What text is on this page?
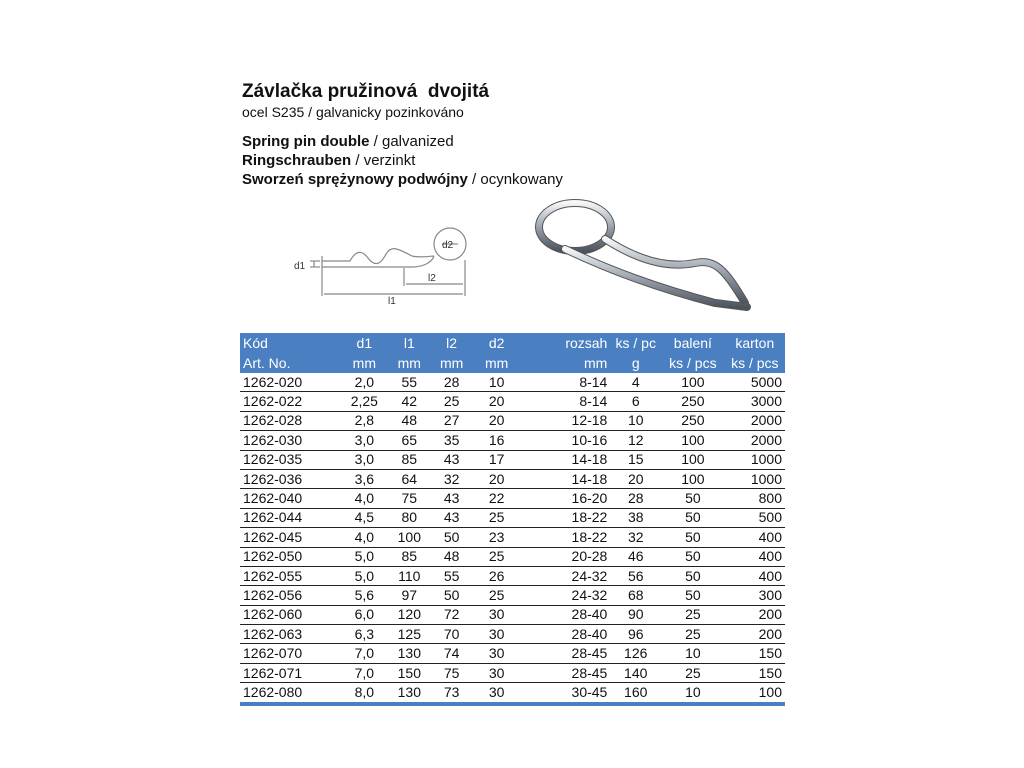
Závlačka pružinová  dvojitá
ocel S235 / galvanicky pozinkováno
Spring pin double / galvanized
Ringschrauben / verzinkt
Sworzeń sprężynowy podwójny / ocynkowany
d1
d2
l2
l1
Kód	d1	l1	l2	d2	rozsah	ks / pc	balení	karton
Art. No.	mm	mm	mm	mm	mm	g	ks / pcs	ks / pcs
1262-020	2,0	55	28	10	8-14	4	100	5000
1262-022	2,25	42	25	20	8-14	6	250	3000
1262-028	2,8	48	27	20	12-18	10	250	2000
1262-030	3,0	65	35	16	10-16	12	100	2000
1262-035	3,0	85	43	17	14-18	15	100	1000
1262-036	3,6	64	32	20	14-18	20	100	1000
1262-040	4,0	75	43	22	16-20	28	50	800
1262-044	4,5	80	43	25	18-22	38	50	500
1262-045	4,0	100	50	23	18-22	32	50	400
1262-050	5,0	85	48	25	20-28	46	50	400
1262-055	5,0	110	55	26	24-32	56	50	400
1262-056	5,6	97	50	25	24-32	68	50	300
1262-060	6,0	120	72	30	28-40	90	25	200
1262-063	6,3	125	70	30	28-40	96	25	200
1262-070	7,0	130	74	30	28-45	126	10	150
1262-071	7,0	150	75	30	28-45	140	25	150
1262-080	8,0	130	73	30	30-45	160	10	100
